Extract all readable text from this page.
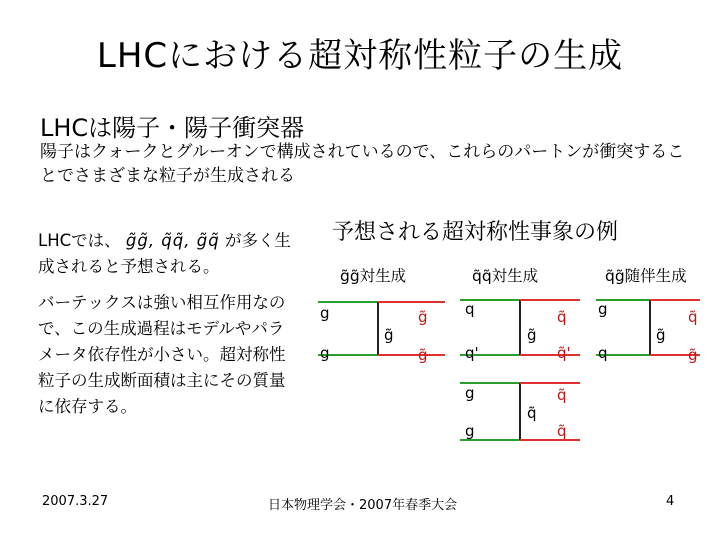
LHCにおける超対称性粒子の生成
LHCは陽子・陽子衝突器
陽子はクォークとグルーオンで構成されているので、これらのパートンが衝突することでさまざまな粒子が生成される
LHCでは、 g̃g̃, q̃q̃, g̃q̃ が多く生成されると予想される。
バーテックスは強い相互作用なので、この生成過程はモデルやパラメータ依存性が小さい。超対称性粒子の生成断面積は主にその質量に依存する。
予想される超対称性事象の例
g̃g̃対生成	q̃q̃対生成	q̃g̃随伴生成
g
g
g̃
g̃
g̃
q
q'
g̃
q̃
q̃'
g
g
q̃
q̃
q̃
g
q
g̃
q̃
g̃
2007.3.27	日本物理学会・2007年春季大会	4
